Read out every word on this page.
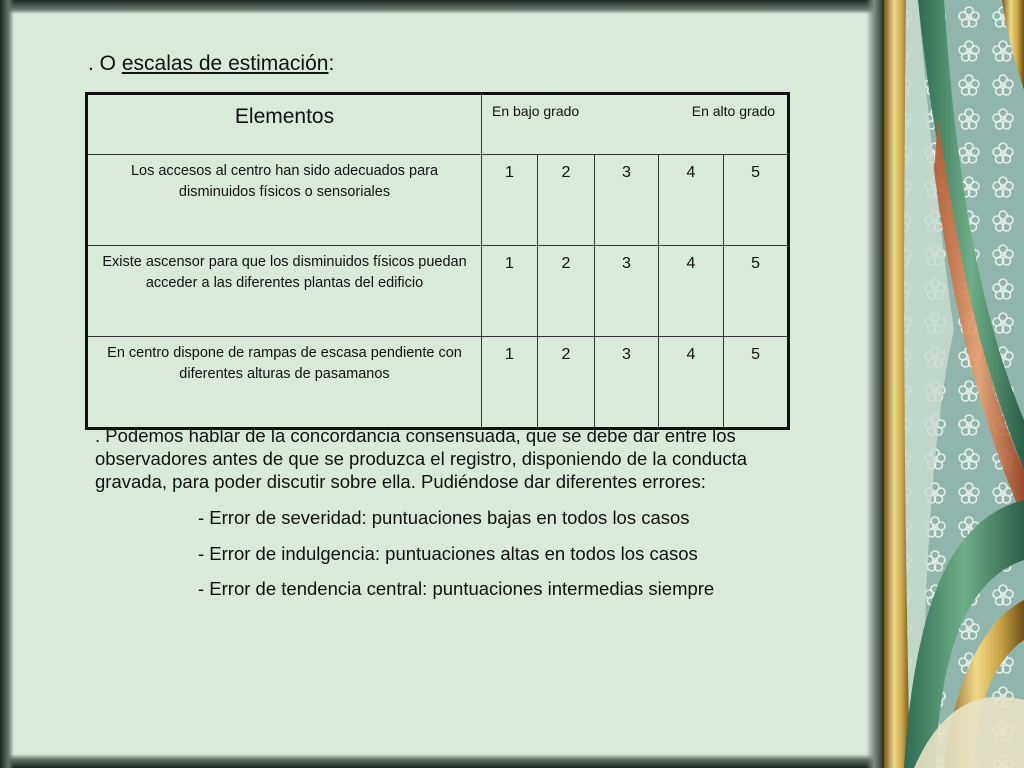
. O escalas de estimación:
Elementos	En bajo grado En alto grado				

Los accesos al centro han sido adecuados para disminuidos físicos o sensoriales	1	2	3	4	5
Existe ascensor para que los disminuidos físicos puedan acceder a las diferentes plantas del edificio	1	2	3	4	5
En centro dispone de rampas de escasa pendiente con diferentes alturas de pasamanos	1	2	3	4	5

. Podemos hablar de la concordancia consensuada, que se debe dar entre los observadores antes de que se produzca el registro, disponiendo de la conducta gravada, para poder discutir sobre ella. Pudiéndose dar diferentes errores:

- Error de severidad: puntuaciones bajas en todos los casos
- Error de indulgencia: puntuaciones altas en todos los casos
- Error de tendencia central: puntuaciones intermedias siempre
